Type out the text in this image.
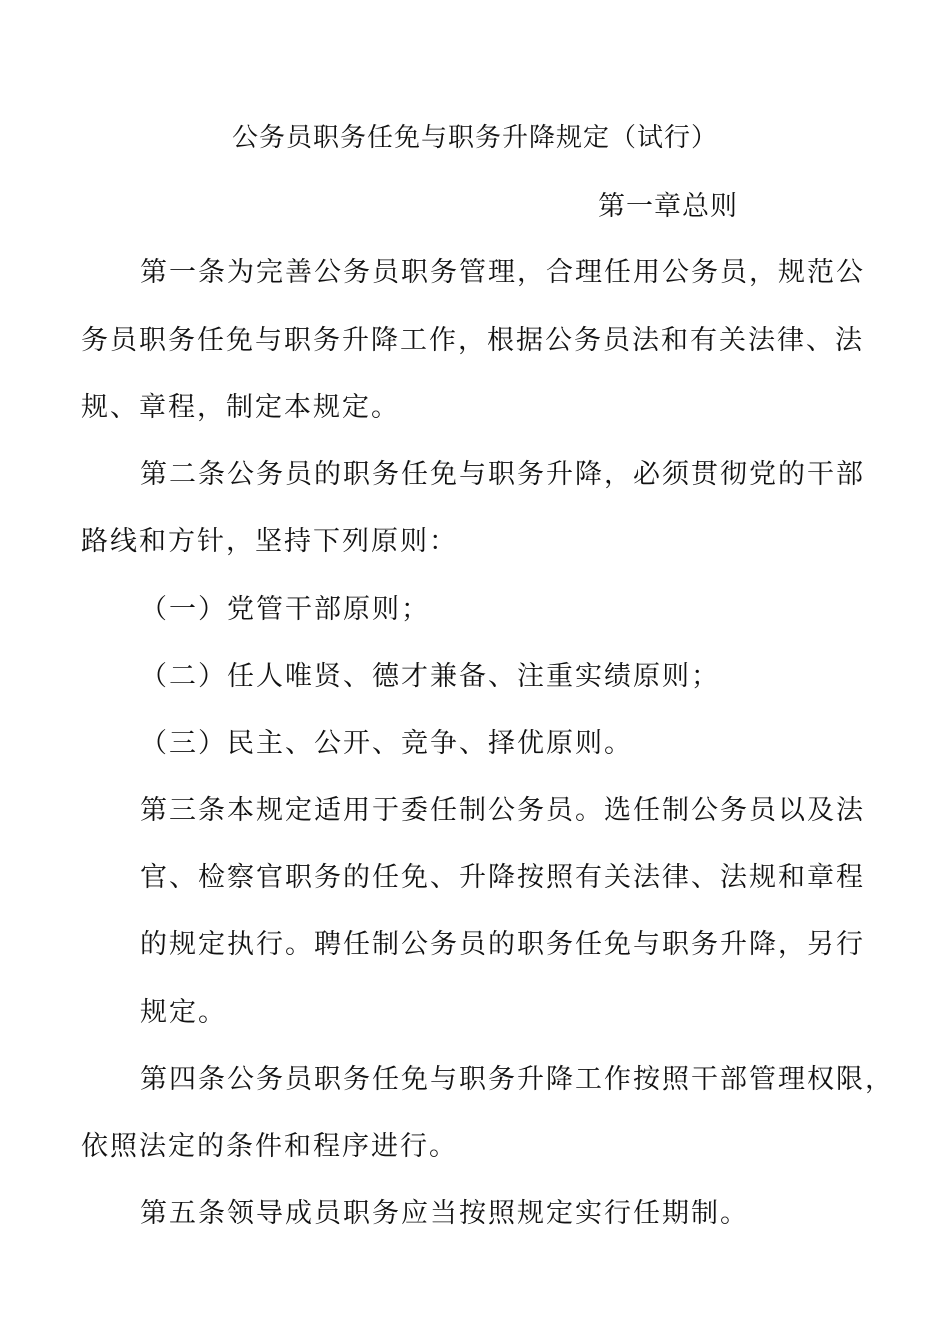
公务员职务任免与职务升降规定（试行）
第一章总则
第一条为完善公务员职务管理，合理任用公务员，规范公
务员职务任免与职务升降工作，根据公务员法和有关法律、法
规、章程，制定本规定。
第二条公务员的职务任免与职务升降，必须贯彻党的干部
路线和方针，坚持下列原则：
（一）党管干部原则；
（二）任人唯贤、德才兼备、注重实绩原则；
（三）民主、公开、竞争、择优原则。
第三条本规定适用于委任制公务员。选任制公务员以及法
官、检察官职务的任免、升降按照有关法律、法规和章程
的规定执行。聘任制公务员的职务任免与职务升降，另行
规定。
第四条公务员职务任免与职务升降工作按照干部管理权限，
依照法定的条件和程序进行。
第五条领导成员职务应当按照规定实行任期制。
